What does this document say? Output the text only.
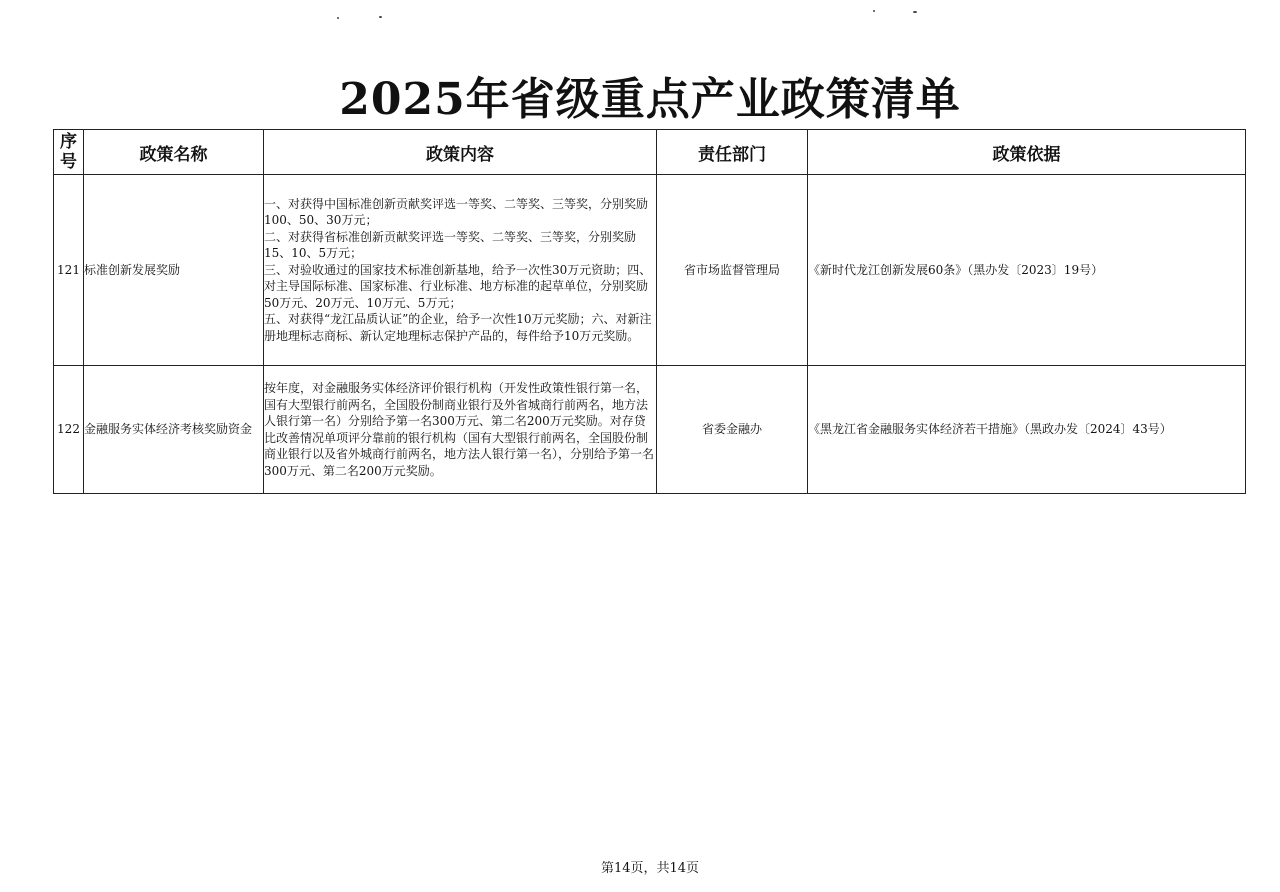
2025年省级重点产业政策清单
序号	政策名称	政策内容	责任部门	政策依据
121	标准创新发展奖励	一、对获得中国标准创新贡献奖评选一等奖、二等奖、三等奖，分别奖励100、50、30万元；
二、对获得省标准创新贡献奖评选一等奖、二等奖、三等奖，分别奖励15、10、5万元；
三、对验收通过的国家技术标准创新基地，给予一次性30万元资助；四、对主导国际标准、国家标准、行业标准、地方标准的起草单位，分别奖励50万元、20万元、10万元、5万元；
五、对获得“龙江品质认证”的企业，给予一次性10万元奖励；六、对新注册地理标志商标、新认定地理标志保护产品的，每件给予10万元奖励。	省市场监督管理局	《新时代龙江创新发展60条》（黑办发〔2023〕19号）
122	金融服务实体经济考核奖励资金	按年度，对金融服务实体经济评价银行机构（开发性政策性银行第一名，国有大型银行前两名，全国股份制商业银行及外省城商行前两名，地方法人银行第一名）分别给予第一名300万元、第二名200万元奖励。对存贷比改善情况单项评分靠前的银行机构（国有大型银行前两名，全国股份制商业银行以及省外城商行前两名，地方法人银行第一名），分别给予第一名300万元、第二名200万元奖励。	省委金融办	《黑龙江省金融服务实体经济若干措施》（黑政办发〔2024〕43号）
第14页，共14页
